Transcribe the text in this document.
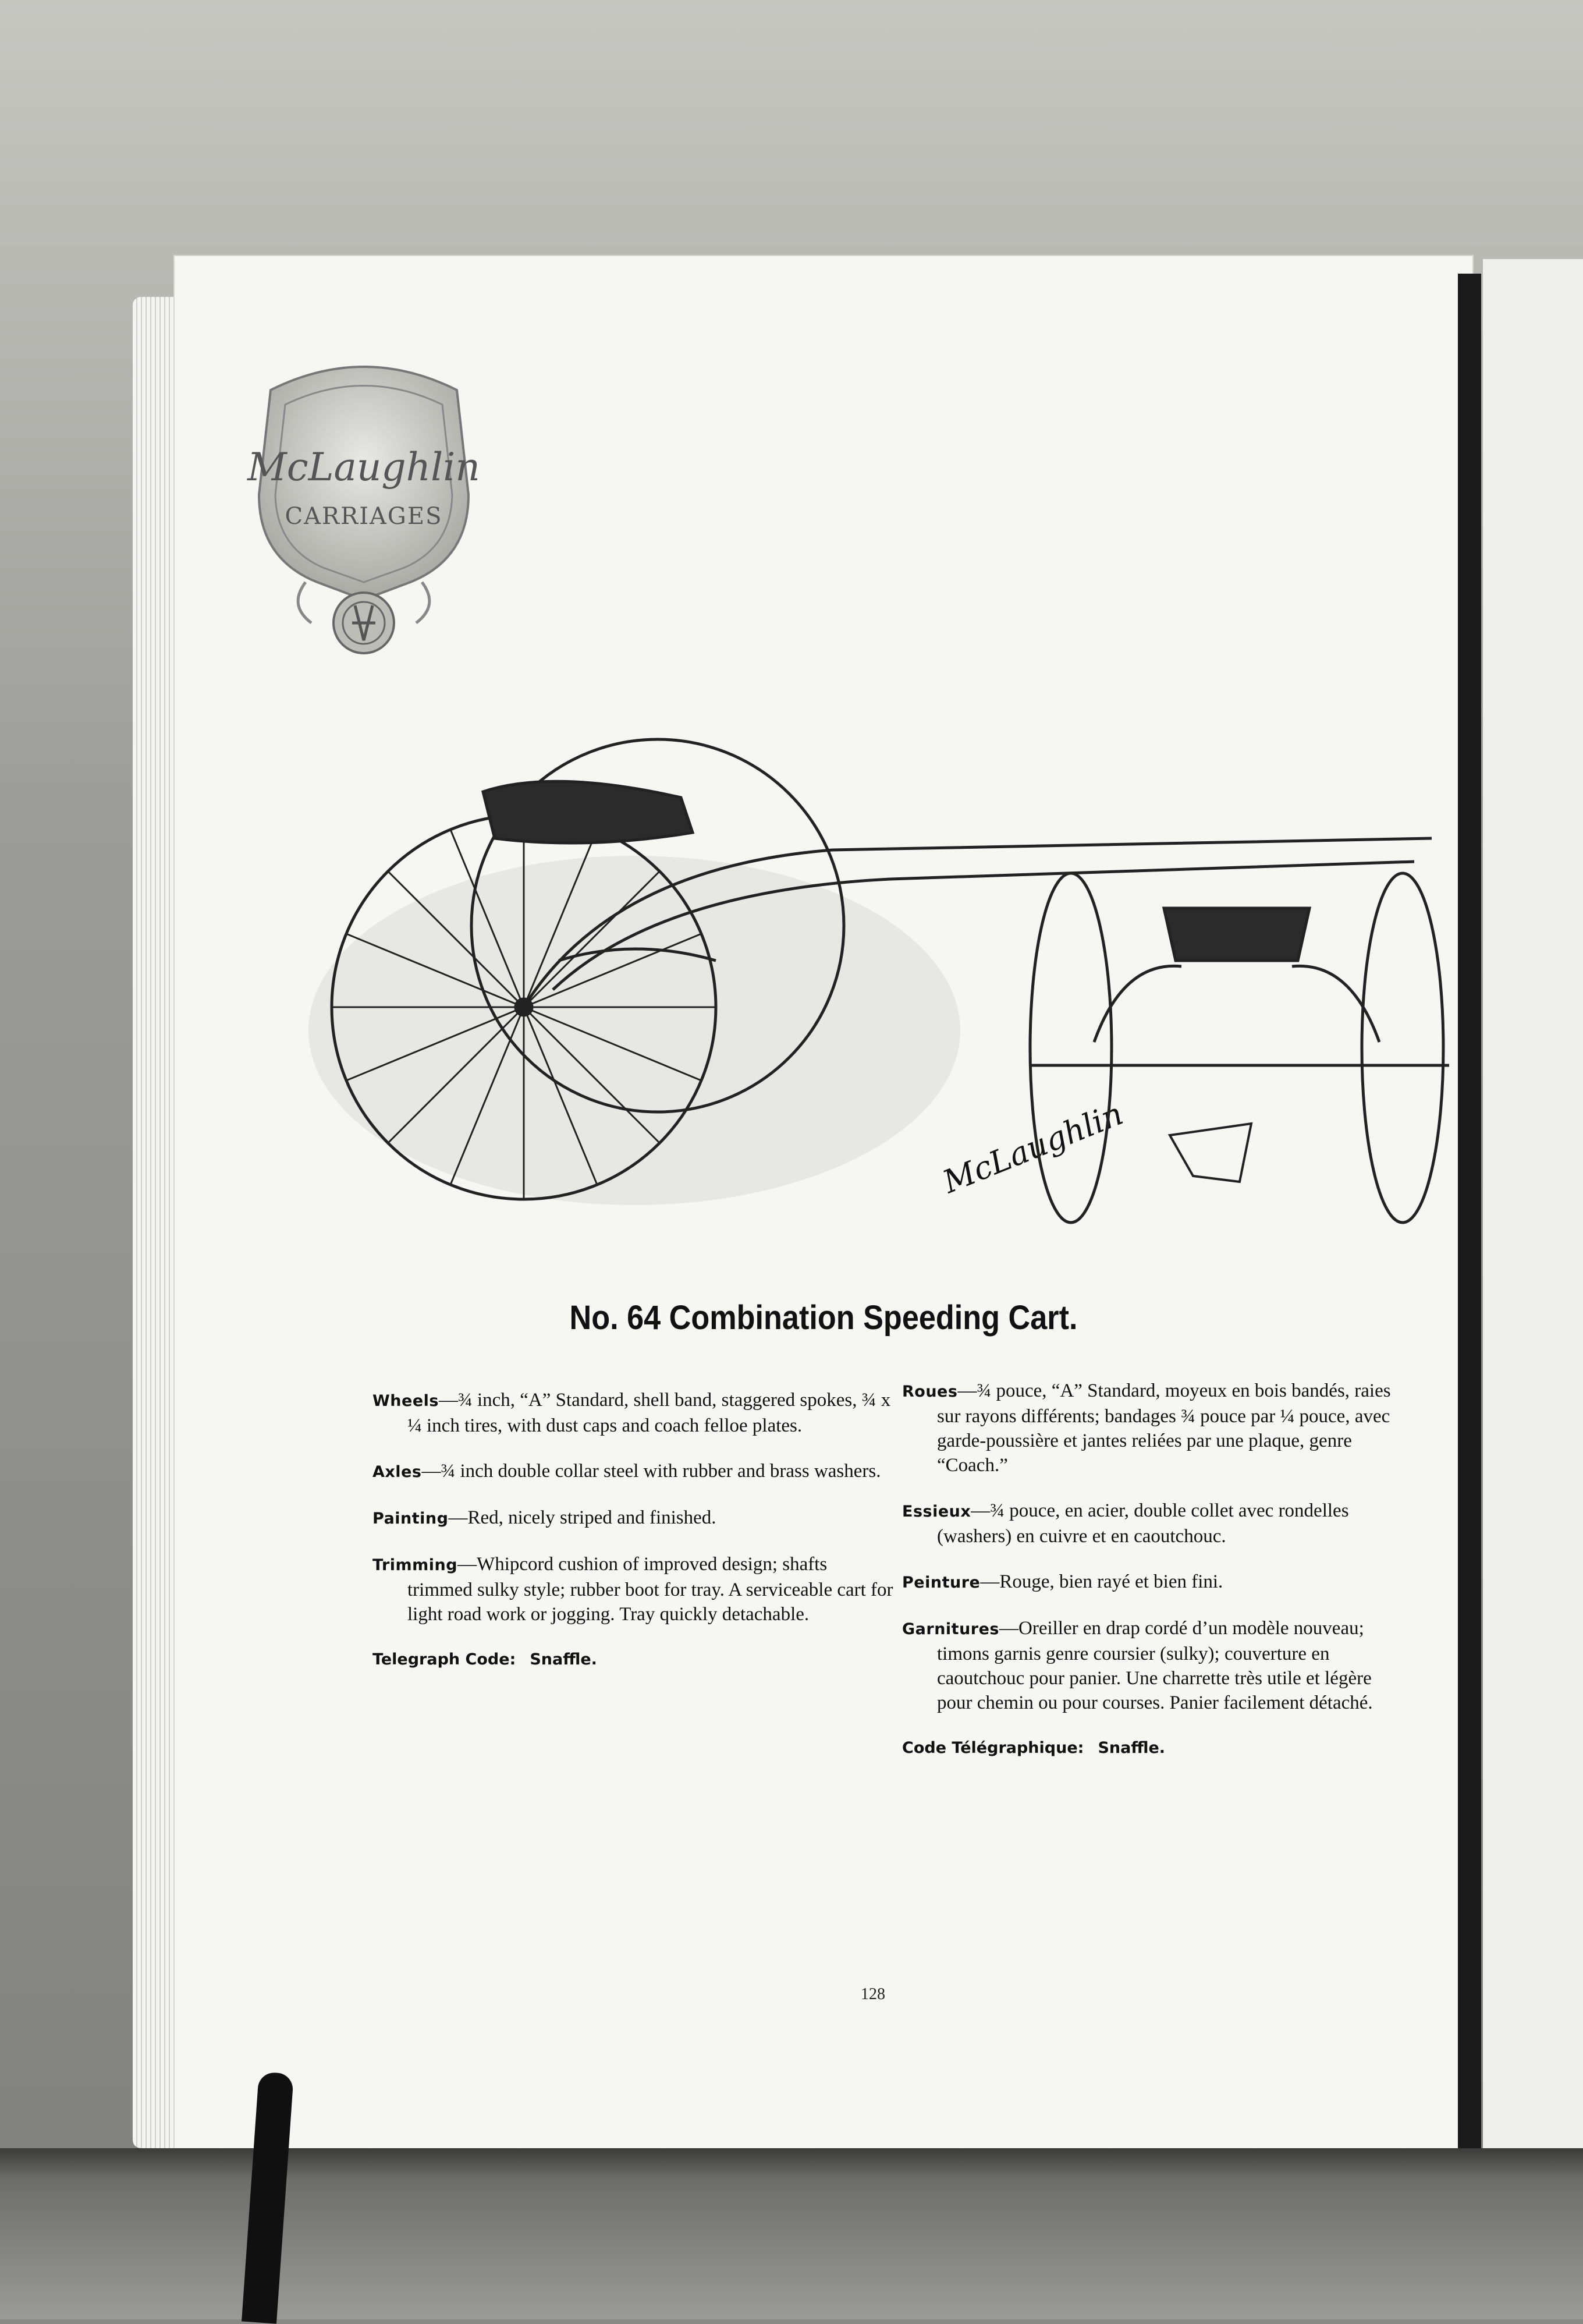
McLaughlin
CARRIAGES
McLaughlin
No. 64 Combination Speeding Cart.
Wheels—¾ inch, “A” Standard, shell band, staggered spokes, ¾ x ¼ inch tires, with dust caps and coach felloe plates.
Axles—¾ inch double collar steel with rubber and brass washers.
Painting—Red, nicely striped and finished.
Trimming—Whipcord cushion of improved design; shafts trimmed sulky style; rubber boot for tray. A serviceable cart for light road work or jogging. Tray quickly detachable.
Telegraph Code: Snaffle.
Roues—¾ pouce, “A” Standard, moyeux en bois bandés, raies sur rayons différents; bandages ¾ pouce par ¼ pouce, avec garde-poussière et jantes reliées par une plaque, genre “Coach.”
Essieux—¾ pouce, en acier, double collet avec rondelles (washers) en cuivre et en caoutchouc.
Peinture—Rouge, bien rayé et bien fini.
Garnitures—Oreiller en drap cordé d’un modèle nouveau; timons garnis genre coursier (sulky); couverture en caoutchouc pour panier. Une charrette très utile et légère pour chemin ou pour courses. Panier facilement détaché.
Code Télégraphique: Snaffle.
128
